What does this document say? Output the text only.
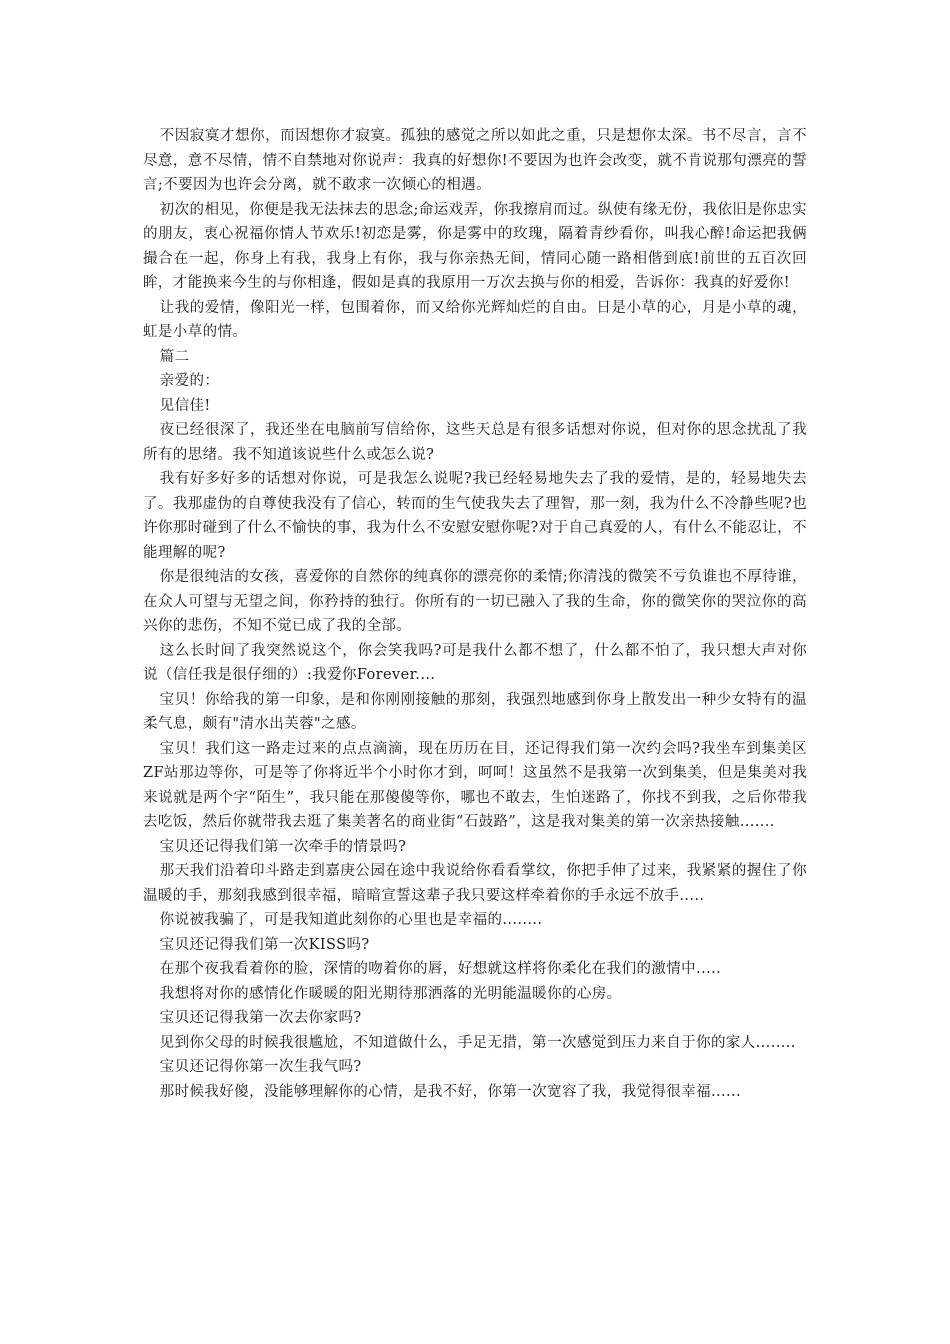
不因寂寞才想你，而因想你才寂寞。孤独的感觉之所以如此之重，只是想你太深。书不尽言，言不尽意，意不尽情，情不自禁地对你说声：我真的好想你!不要因为也许会改变，就不肯说那句漂亮的誓言;不要因为也许会分离，就不敢求一次倾心的相遇。

初次的相见，你便是我无法抹去的思念;命运戏弄，你我擦肩而过。纵使有缘无份，我依旧是你忠实的朋友，衷心祝福你情人节欢乐!初恋是雾，你是雾中的玫瑰，隔着青纱看你，叫我心醉!命运把我俩撮合在一起，你身上有我，我身上有你，我与你亲热无间，情同心随一路相偕到底!前世的五百次回眸，才能换来今生的与你相逢，假如是真的我原用一万次去换与你的相爱，告诉你：我真的好爱你!

让我的爱情，像阳光一样，包围着你，而又给你光辉灿烂的自由。日是小草的心，月是小草的魂，虹是小草的情。

篇二

亲爱的：

见信佳!

夜已经很深了，我还坐在电脑前写信给你，这些天总是有很多话想对你说，但对你的思念扰乱了我所有的思绪。我不知道该说些什么或怎么说?

我有好多好多的话想对你说，可是我怎么说呢?我已经轻易地失去了我的爱情，是的，轻易地失去了。我那虚伪的自尊使我没有了信心，转而的生气使我失去了理智，那一刻，我为什么不冷静些呢?也许你那时碰到了什么不愉快的事，我为什么不安慰安慰你呢?对于自己真爱的人，有什么不能忍让，不能理解的呢?

你是很纯洁的女孩，喜爱你的自然你的纯真你的漂亮你的柔情;你清浅的微笑不亏负谁也不厚待谁，在众人可望与无望之间，你矜持的独行。你所有的一切已融入了我的生命，你的微笑你的哭泣你的高兴你的悲伤，不知不觉已成了我的全部。

这么长时间了我突然说这个，你会笑我吗?可是我什么都不想了，什么都不怕了，我只想大声对你说（信任我是很仔细的）:我爱你Forever....

宝贝！你给我的第一印象，是和你刚刚接触的那刻，我强烈地感到你身上散发出一种少女特有的温柔气息，颇有"清水出芙蓉"之感。

宝贝！我们这一路走过来的点点滴滴，现在历历在目，还记得我们第一次约会吗?我坐车到集美区ZF站那边等你，可是等了你将近半个小时你才到，呵呵！这虽然不是我第一次到集美，但是集美对我来说就是两个字“陌生”，我只能在那傻傻等你，哪也不敢去，生怕迷路了，你找不到我，之后你带我去吃饭，然后你就带我去逛了集美著名的商业街“石鼓路”，这是我对集美的第一次亲热接触.......

宝贝还记得我们第一次牵手的情景吗?

那天我们沿着印斗路走到嘉庚公园在途中我说给你看看掌纹，你把手伸了过来，我紧紧的握住了你温暖的手，那刻我感到很幸福，暗暗宣誓这辈子我只要这样牵着你的手永远不放手.....

你说被我骗了，可是我知道此刻你的心里也是幸福的........

宝贝还记得我们第一次KISS吗?

在那个夜我看着你的脸，深情的吻着你的唇，好想就这样将你柔化在我们的激情中.....

我想将对你的感情化作暖暖的阳光期待那洒落的光明能温暖你的心房。

宝贝还记得我第一次去你家吗?

见到你父母的时候我很尴尬，不知道做什么，手足无措，第一次感觉到压力来自于你的家人........

宝贝还记得你第一次生我气吗?

那时候我好傻，没能够理解你的心情，是我不好，你第一次宽容了我，我觉得很幸福......
